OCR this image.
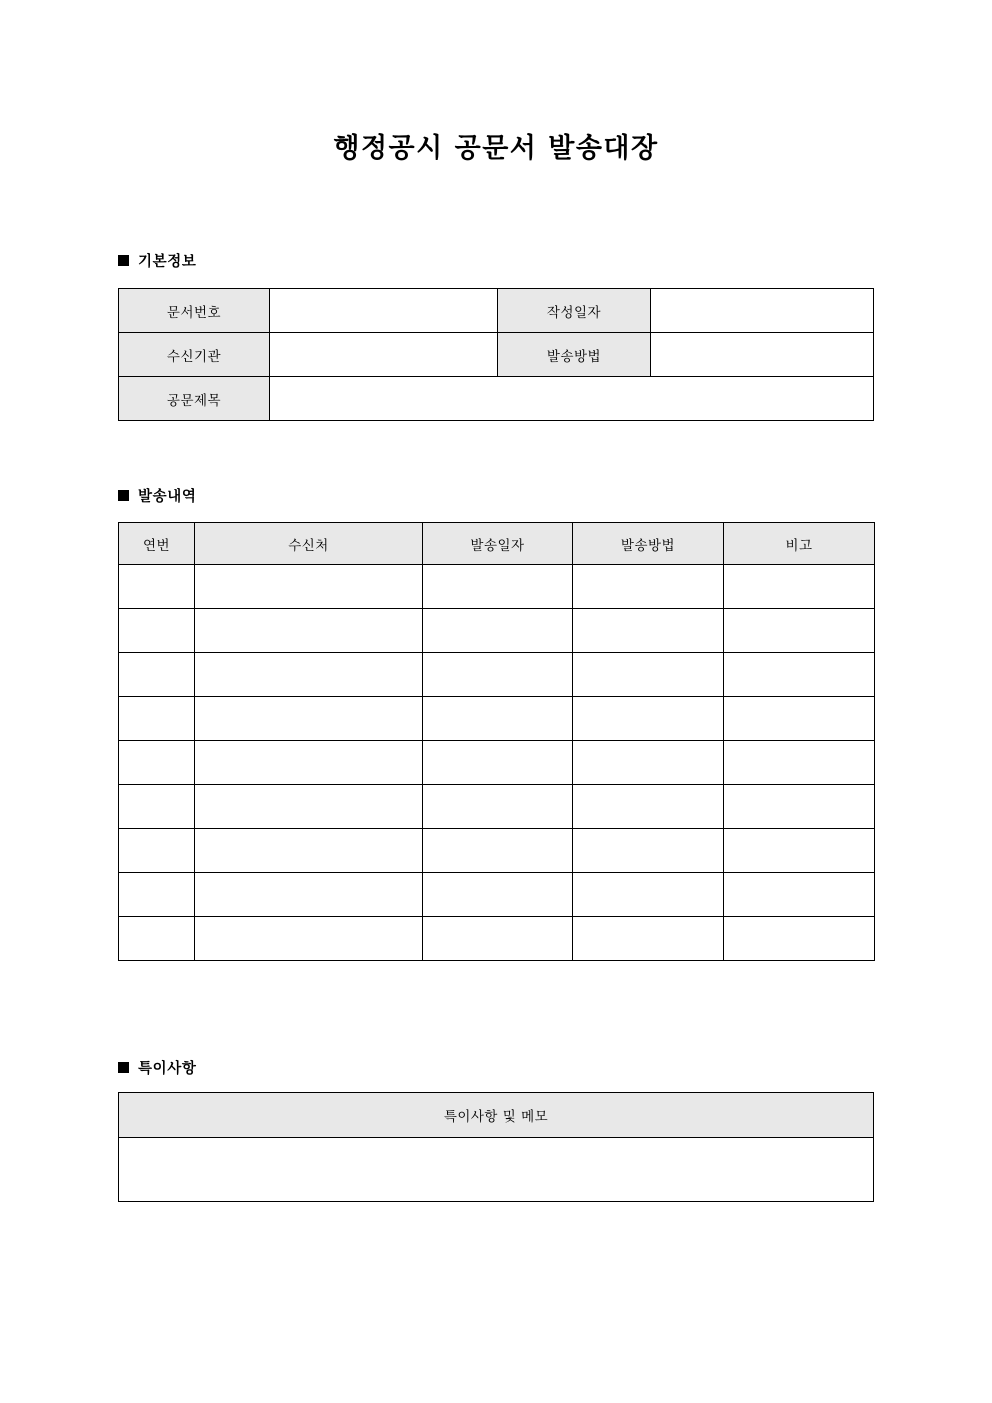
행정공시 공문서 발송대장
기본정보
문서번호		작성일자	
수신기관		발송방법	
공문제목			
발송내역
연번	수신처	발송일자	발송방법	비고

특이사항
특이사항 및 메모
